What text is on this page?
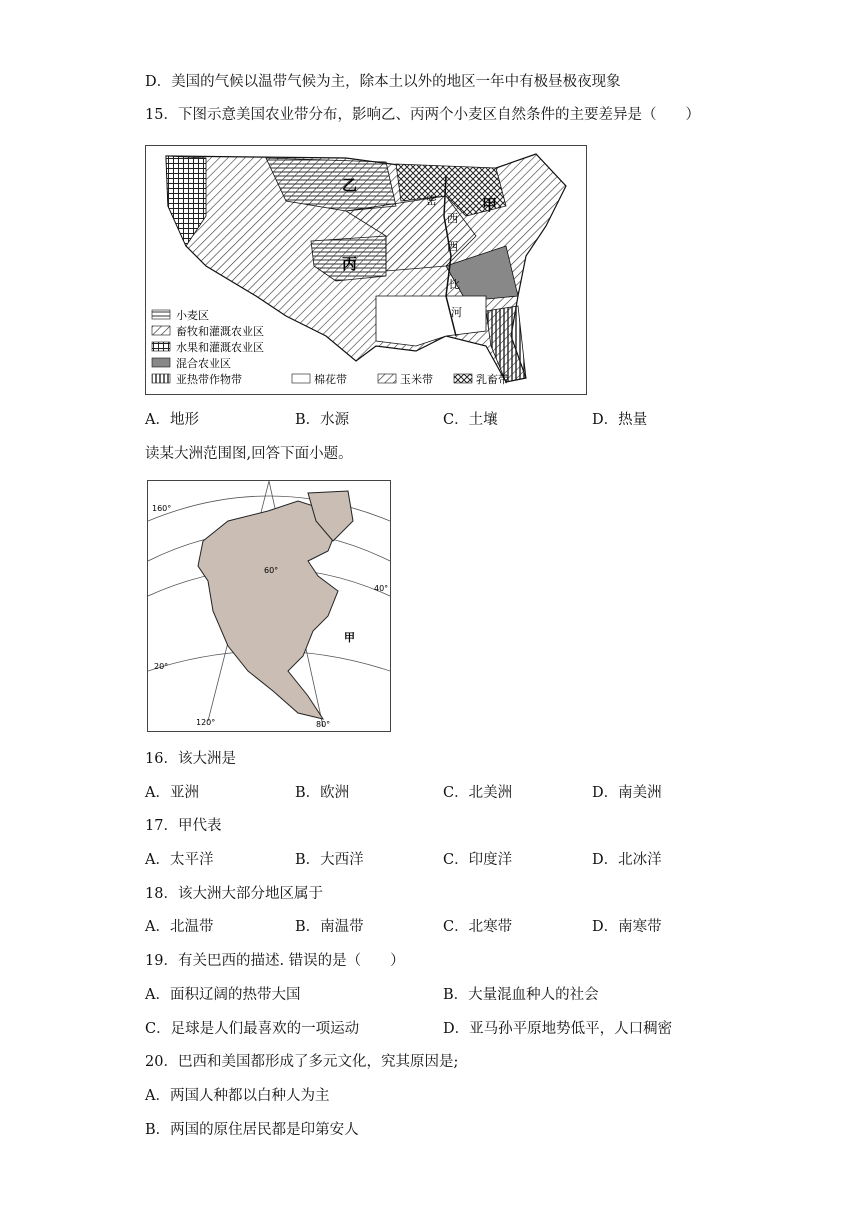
D．美国的气候以温带气候为主，除本土以外的地区一年中有极昼极夜现象
15．下图示意美国农业带分布，影响乙、丙两个小麦区自然条件的主要差异是（　　）
乙
丙
甲
密
西
西
比
河
小麦区
畜牧和灌溉农业区
水果和灌溉农业区
混合农业区
亚热带作物带	棉花带	玉米带	乳畜带
A．地形	B．水源	C．土壤	D．热量
读某大洲范围图,回答下面小题。
甲
20°
40°
60°
120°	80°
160°
16．该大洲是
A．亚洲	B．欧洲	C．北美洲	D．南美洲
17．甲代表
A．太平洋	B．大西洋	C．印度洋	D．北冰洋
18．该大洲大部分地区属于
A．北温带	B．南温带	C．北寒带	D．南寒带
19．有关巴西的描述. 错误的是（　　）
A．面积辽阔的热带大国	B．大量混血种人的社会
C．足球是人们最喜欢的一项运动	D．亚马孙平原地势低平，人口稠密
20．巴西和美国都形成了多元文化，究其原因是;
A．两国人种都以白种人为主
B．两国的原住居民都是印第安人
